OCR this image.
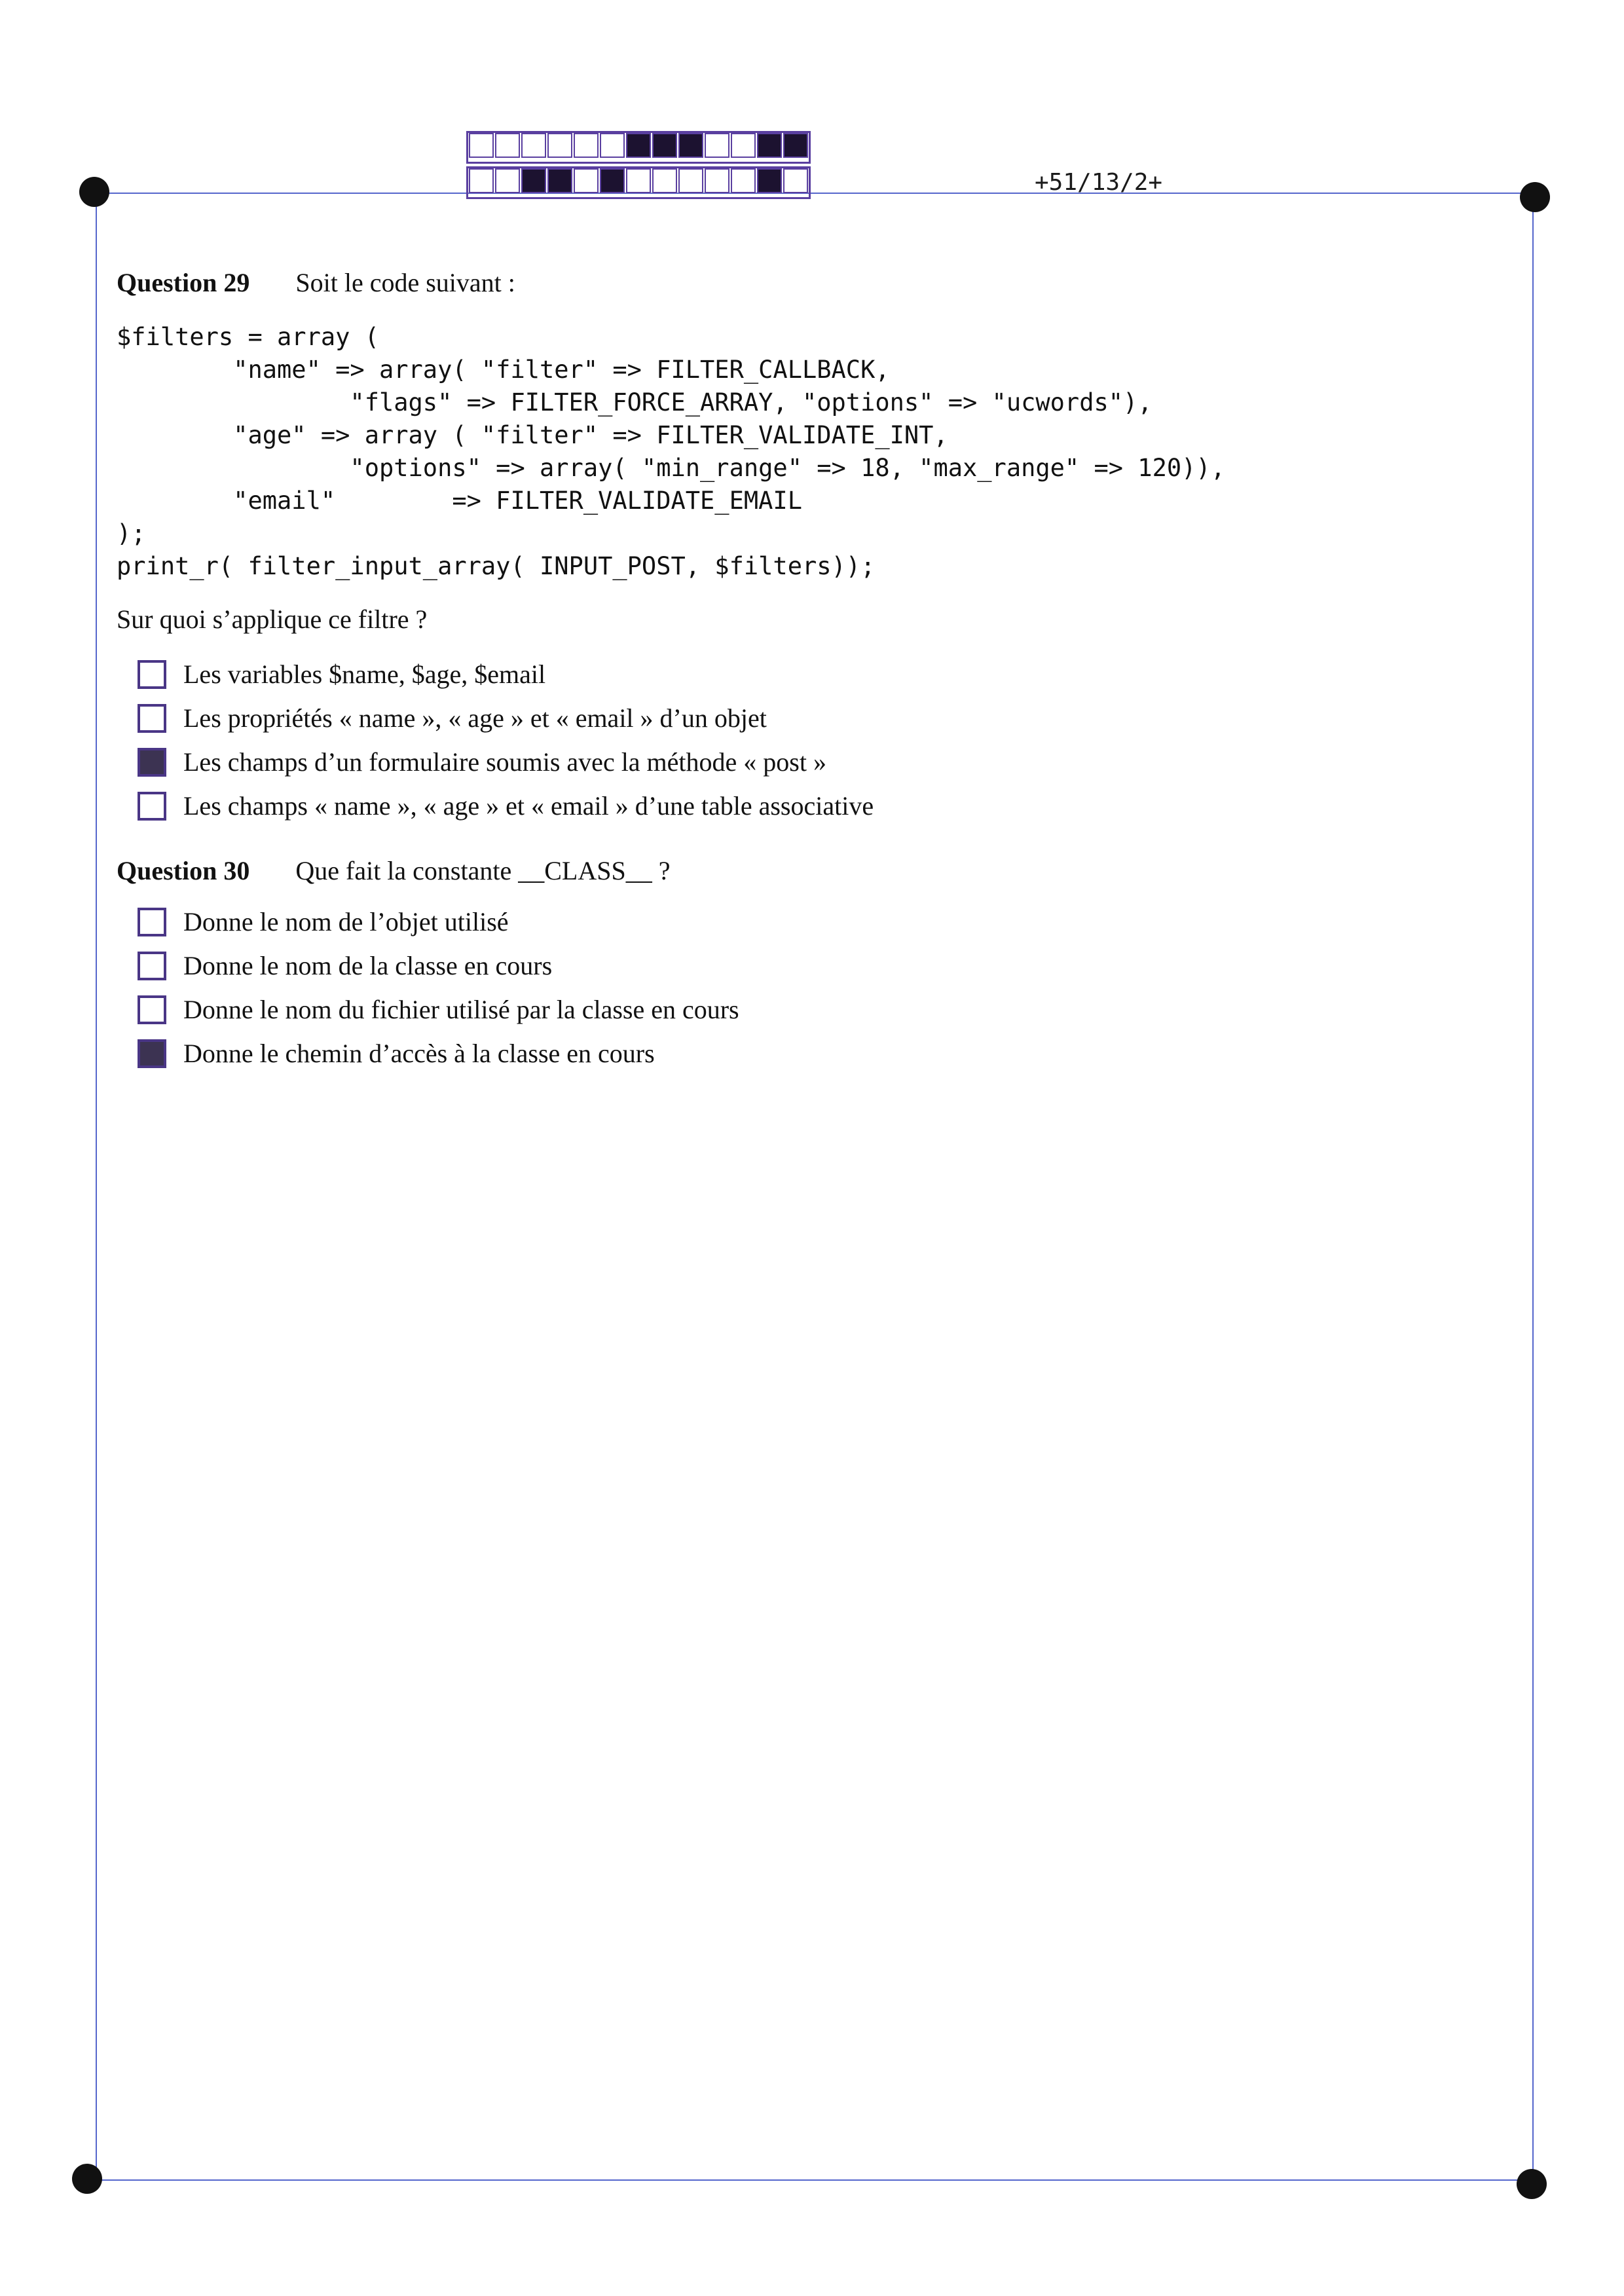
+51/13/2+
Question 29 Soit le code suivant :
$filters = array (
"name" => array( "filter" => FILTER_CALLBACK,
"flags" => FILTER_FORCE_ARRAY, "options" => "ucwords"),
"age" => array ( "filter" => FILTER_VALIDATE_INT,
"options" => array( "min_range" => 18, "max_range" => 120)),
"email"        => FILTER_VALIDATE_EMAIL
);
print_r( filter_input_array( INPUT_POST, $filters));
Sur quoi s’applique ce filtre ?
Les variables $name, $age, $email
Les propriétés « name », « age » et « email » d’un objet
Les champs d’un formulaire soumis avec la méthode « post »
Les champs « name », « age » et « email » d’une table associative
Question 30 Que fait la constante __CLASS__ ?
Donne le nom de l’objet utilisé
Donne le nom de la classe en cours
Donne le nom du fichier utilisé par la classe en cours
Donne le chemin d’accès à la classe en cours
